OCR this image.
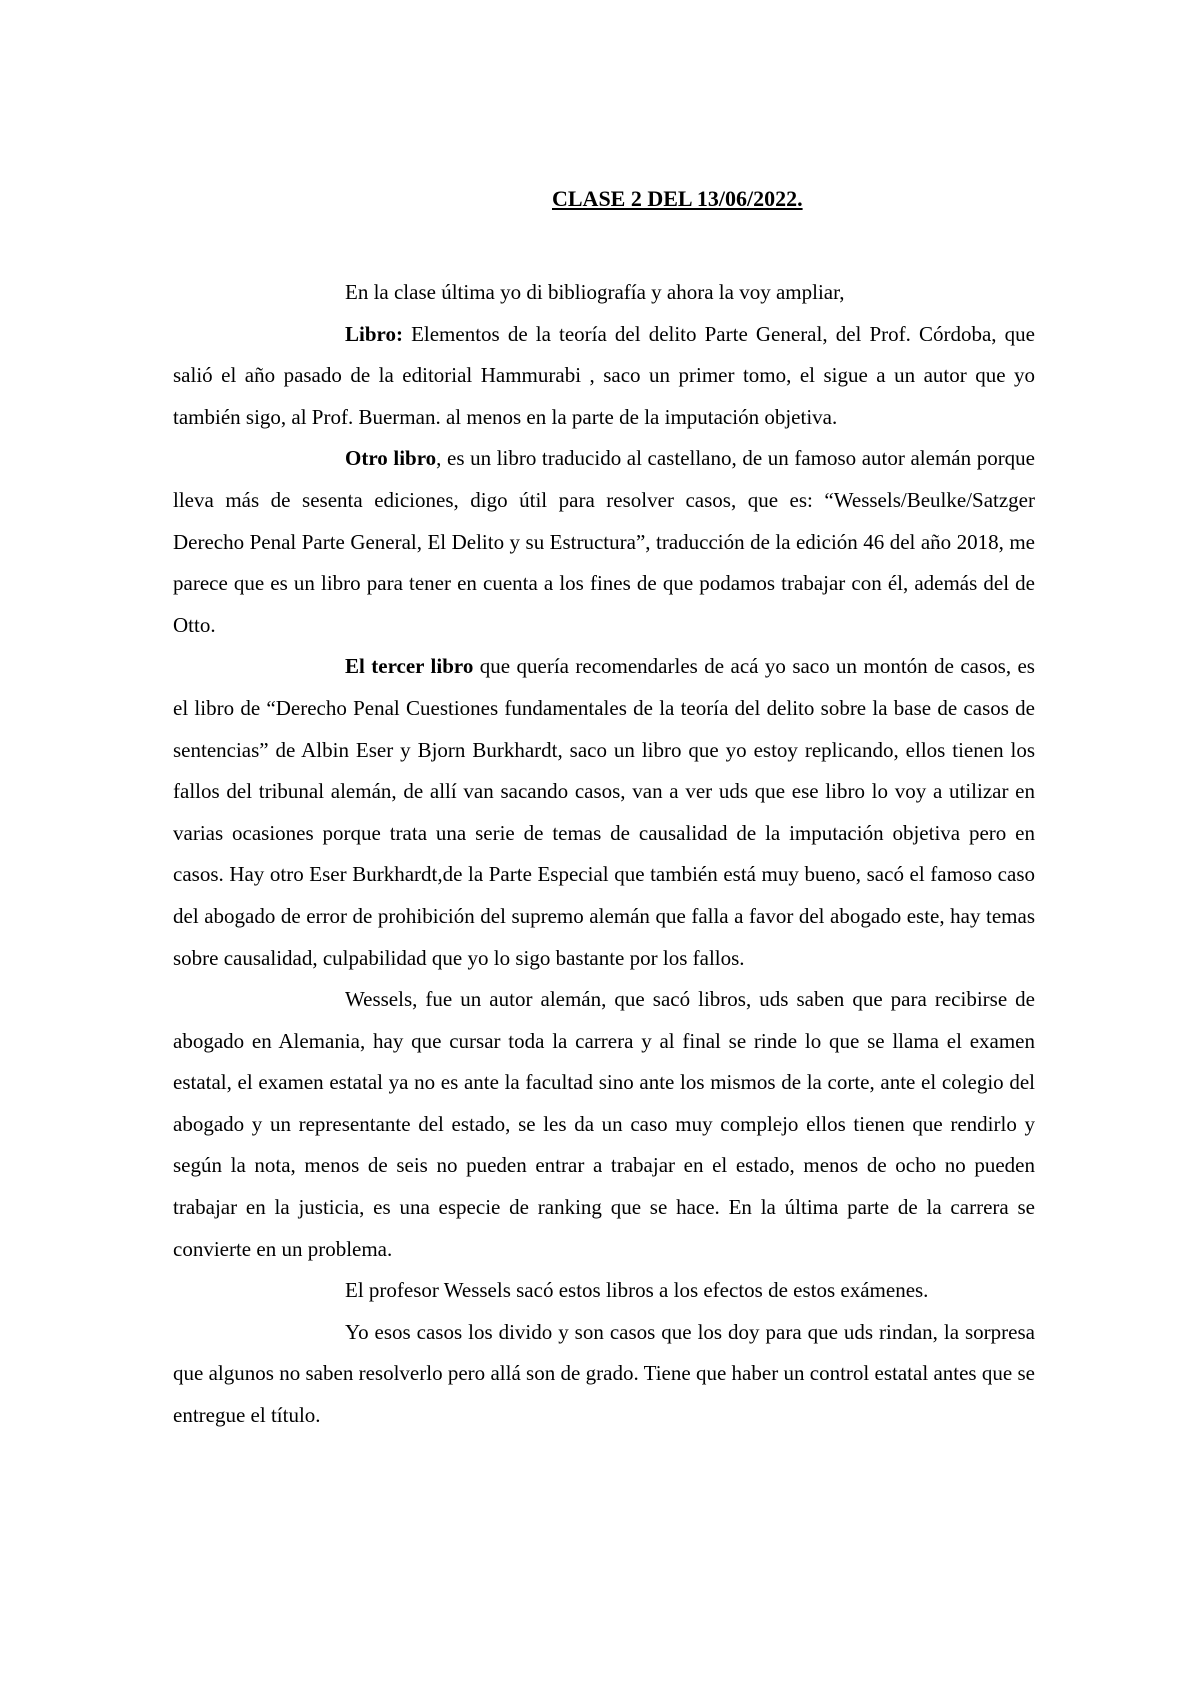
CLASE 2 DEL 13/06/2022.

En la clase última yo di bibliografía y ahora la voy ampliar,

Libro: Elementos de la teoría del delito Parte General, del Prof. Córdoba, que salió el año pasado de la editorial Hammurabi , saco un primer tomo, el sigue a un autor que yo también sigo, al Prof. Buerman. al menos en la parte de la imputación objetiva.

Otro libro, es un libro traducido al castellano, de un famoso autor alemán porque lleva más de sesenta ediciones, digo útil para resolver casos, que es: “Wessels/Beulke/Satzger Derecho Penal Parte General, El Delito y su Estructura”, traducción de la edición 46 del año 2018, me parece que es un libro para tener en cuenta a los fines de que podamos trabajar con él, además del de Otto.

El tercer libro que quería recomendarles de acá yo saco un montón de casos, es el libro de “Derecho Penal Cuestiones fundamentales de la teoría del delito sobre la base de casos de sentencias” de Albin Eser y Bjorn Burkhardt, saco un libro que yo estoy replicando, ellos tienen los fallos del tribunal alemán, de allí van sacando casos, van a ver uds que ese libro lo voy a utilizar en varias ocasiones porque trata una serie de temas de causalidad de la imputación objetiva pero en casos. Hay otro Eser Burkhardt,de la Parte Especial que también está muy bueno, sacó el famoso caso del abogado de error de prohibición del supremo alemán que falla a favor del abogado este, hay temas sobre causalidad, culpabilidad que yo lo sigo bastante por los fallos.

Wessels, fue un autor alemán, que sacó libros, uds saben que para recibirse de abogado en Alemania, hay que cursar toda la carrera y al final se rinde lo que se llama el examen estatal, el examen estatal ya no es ante la facultad sino ante los mismos de la corte, ante el colegio del abogado y un representante del estado, se les da un caso muy complejo ellos tienen que rendirlo y según la nota, menos de seis no pueden entrar a trabajar en el estado, menos de ocho no pueden trabajar en la justicia, es una especie de ranking que se hace. En la última parte de la carrera se convierte en un problema.

El profesor Wessels sacó estos libros a los efectos de estos exámenes.

Yo esos casos los divido y son casos que los doy para que uds rindan, la sorpresa que algunos no saben resolverlo pero allá son de grado. Tiene que haber un control estatal antes que se entregue el título.
